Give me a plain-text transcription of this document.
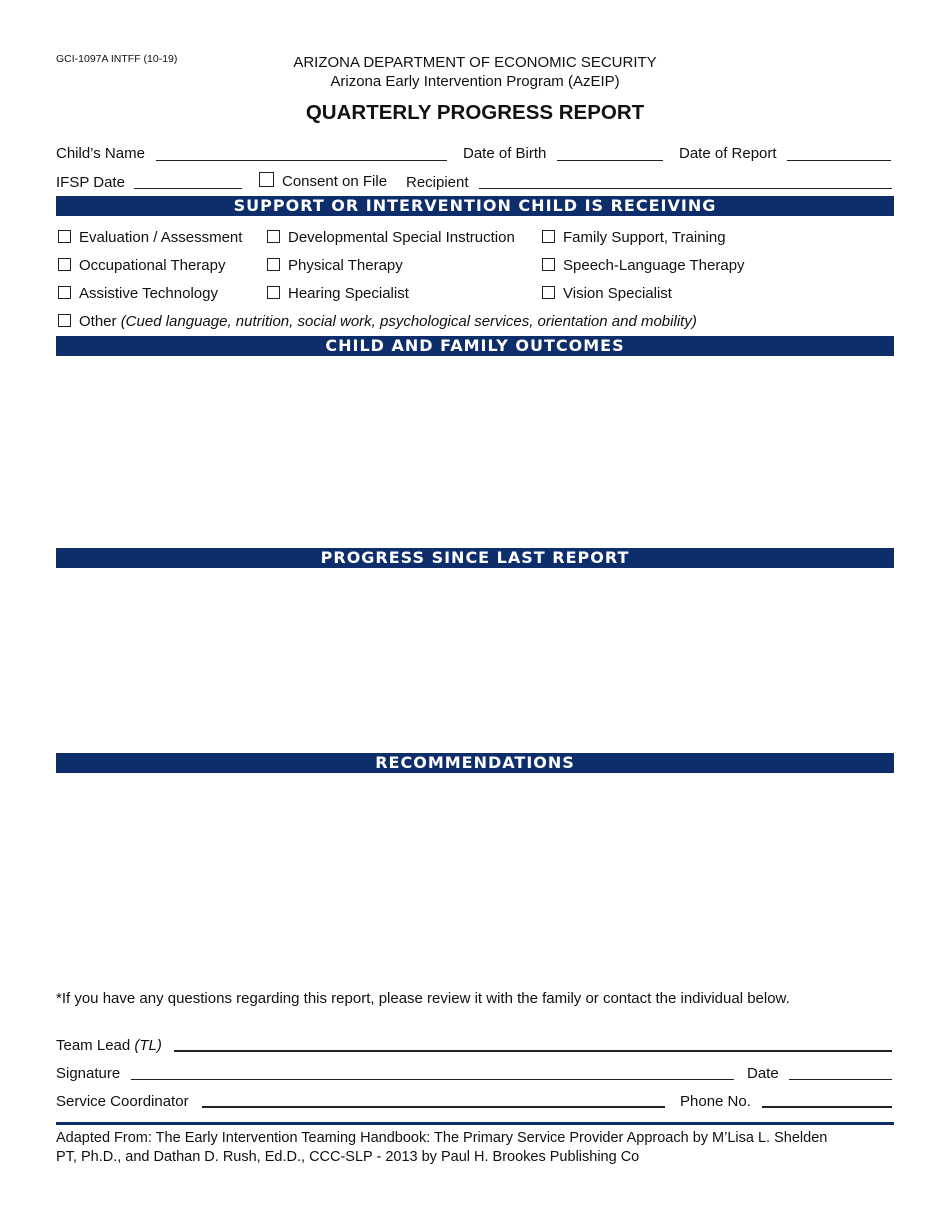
GCI-1097A INTFF (10-19)	ARIZONA DEPARTMENT OF ECONOMIC SECURITY
Arizona Early Intervention Program (AzEIP)
QUARTERLY PROGRESS REPORT
Child’s Name	Date of Birth	Date of Report
IFSP Date	Consent on File Recipient
SUPPORT OR INTERVENTION CHILD IS RECEIVING
Evaluation / Assessment	Developmental Special Instruction	Family Support, Training
Occupational Therapy	Physical Therapy	Speech-Language Therapy
Assistive Technology	Hearing Specialist	Vision Specialist
Other (Cued language, nutrition, social work, psychological services, orientation and mobility)
CHILD AND FAMILY OUTCOMES
PROGRESS SINCE LAST REPORT
RECOMMENDATIONS
*If you have any questions regarding this report, please review it with the family or contact the individual below.
Team Lead (TL)
Signature	Date
Service Coordinator	Phone No.
Adapted From: The Early Intervention Teaming Handbook: The Primary Service Provider Approach by M’Lisa L. Shelden
PT, Ph.D., and Dathan D. Rush, Ed.D., CCC-SLP - 2013 by Paul H. Brookes Publishing Co
